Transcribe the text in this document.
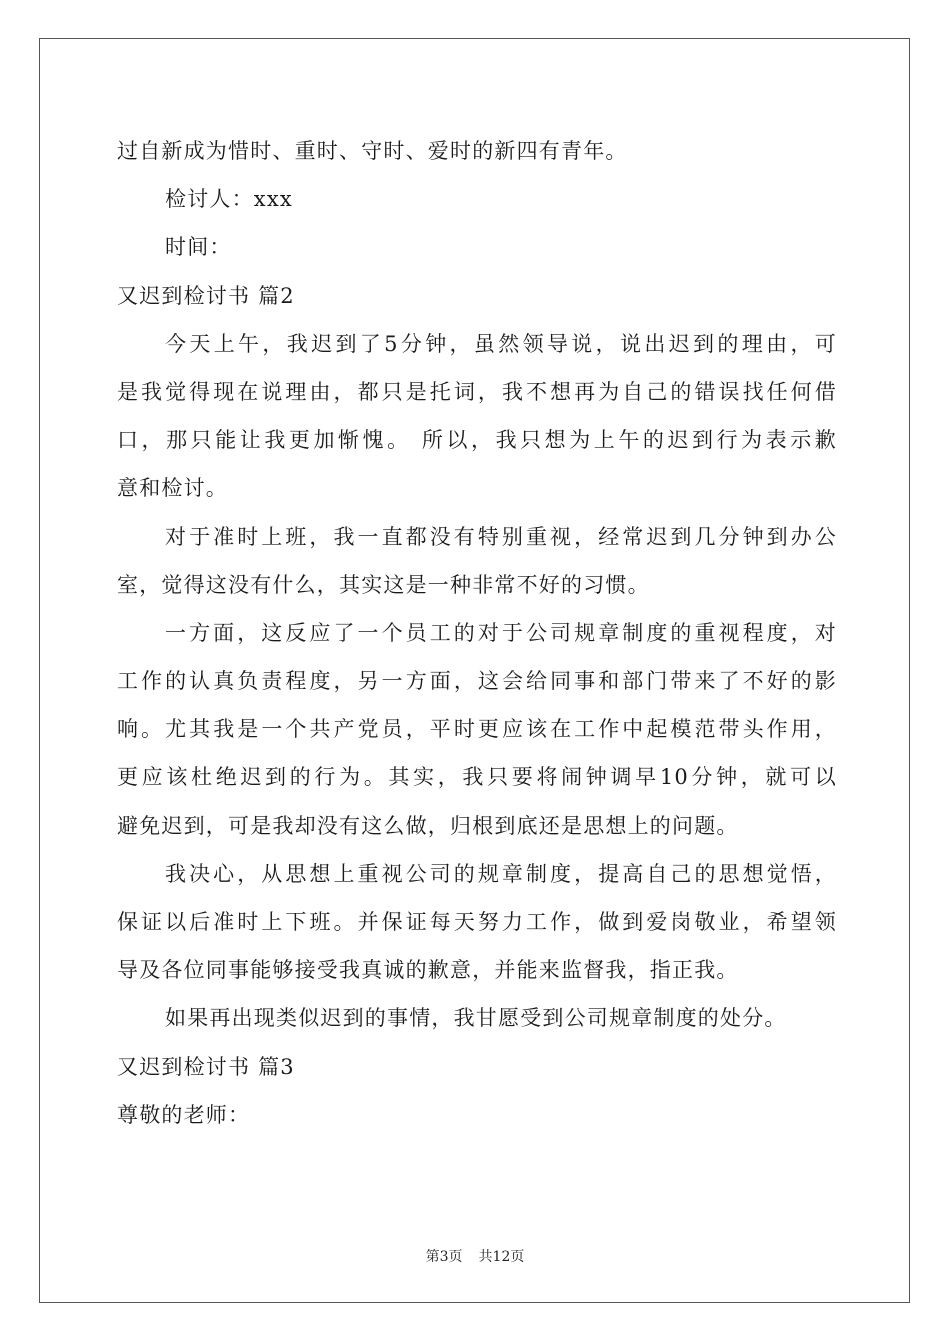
过自新成为惜时、重时、守时、爱时的新四有青年。
检讨人：xxx
时间：
又迟到检讨书 篇2
今天上午，我迟到了5分钟，虽然领导说，说出迟到的理由，可
是我觉得现在说理由，都只是托词，我不想再为自己的错误找任何借
口，那只能让我更加惭愧。 所以，我只想为上午的迟到行为表示歉
意和检讨。
对于准时上班，我一直都没有特别重视，经常迟到几分钟到办公
室，觉得这没有什么，其实这是一种非常不好的习惯。
一方面，这反应了一个员工的对于公司规章制度的重视程度，对
工作的认真负责程度，另一方面，这会给同事和部门带来了不好的影
响。尤其我是一个共产党员，平时更应该在工作中起模范带头作用，
更应该杜绝迟到的行为。其实，我只要将闹钟调早10分钟，就可以
避免迟到，可是我却没有这么做，归根到底还是思想上的问题。
我决心，从思想上重视公司的规章制度，提高自己的思想觉悟，
保证以后准时上下班。并保证每天努力工作，做到爱岗敬业，希望领
导及各位同事能够接受我真诚的歉意，并能来监督我，指正我。
如果再出现类似迟到的事情，我甘愿受到公司规章制度的处分。
又迟到检讨书 篇3
尊敬的老师：
第3页 共12页
